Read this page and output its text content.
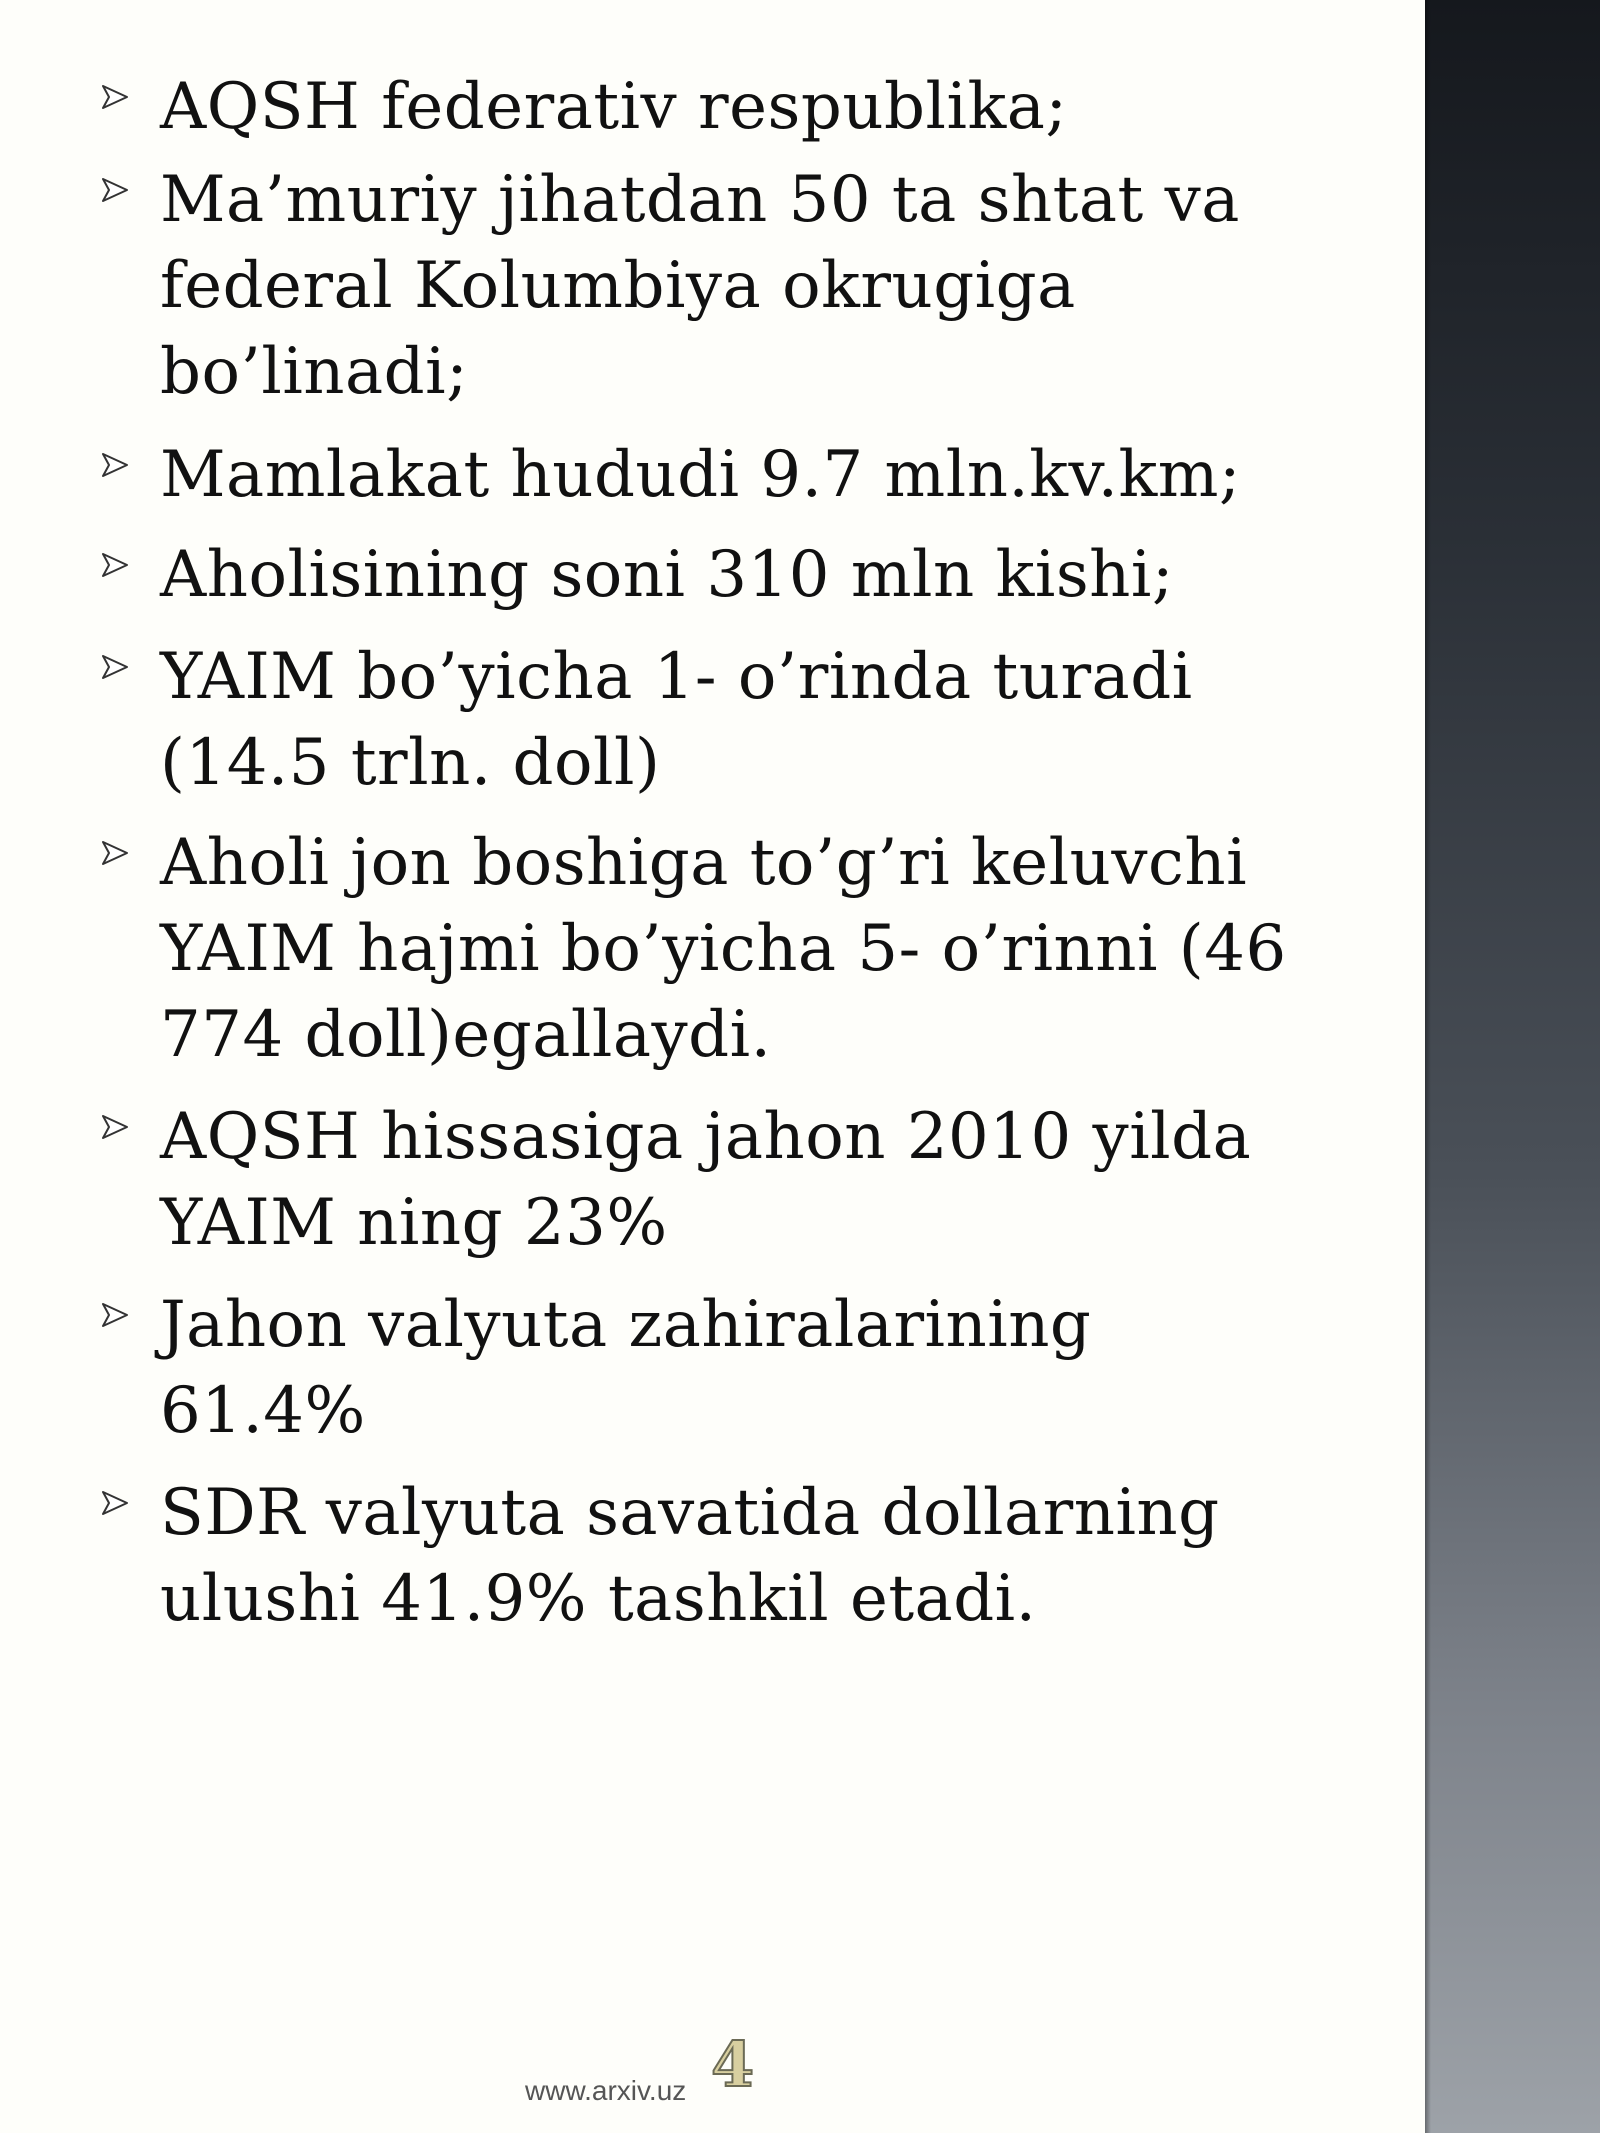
AQSH federativ respublika;
Ma’muriy jihatdan 50 ta shtat va
federal Kolumbiya okrugiga
bo’linadi;
Mamlakat hududi 9.7 mln.kv.km;
Aholisining soni 310 mln kishi;
YAIM bo’yicha 1- o’rinda turadi
(14.5 trln. doll)
Aholi jon boshiga to’g’ri keluvchi
YAIM hajmi bo’yicha 5- o’rinni (46
774 doll)egallaydi.
AQSH hissasiga jahon 2010 yilda
YAIM ning 23%
Jahon valyuta zahiralarining
61.4%
SDR valyuta savatida dollarning
ulushi 41.9% tashkil etadi.
www.arxiv.uz 4
